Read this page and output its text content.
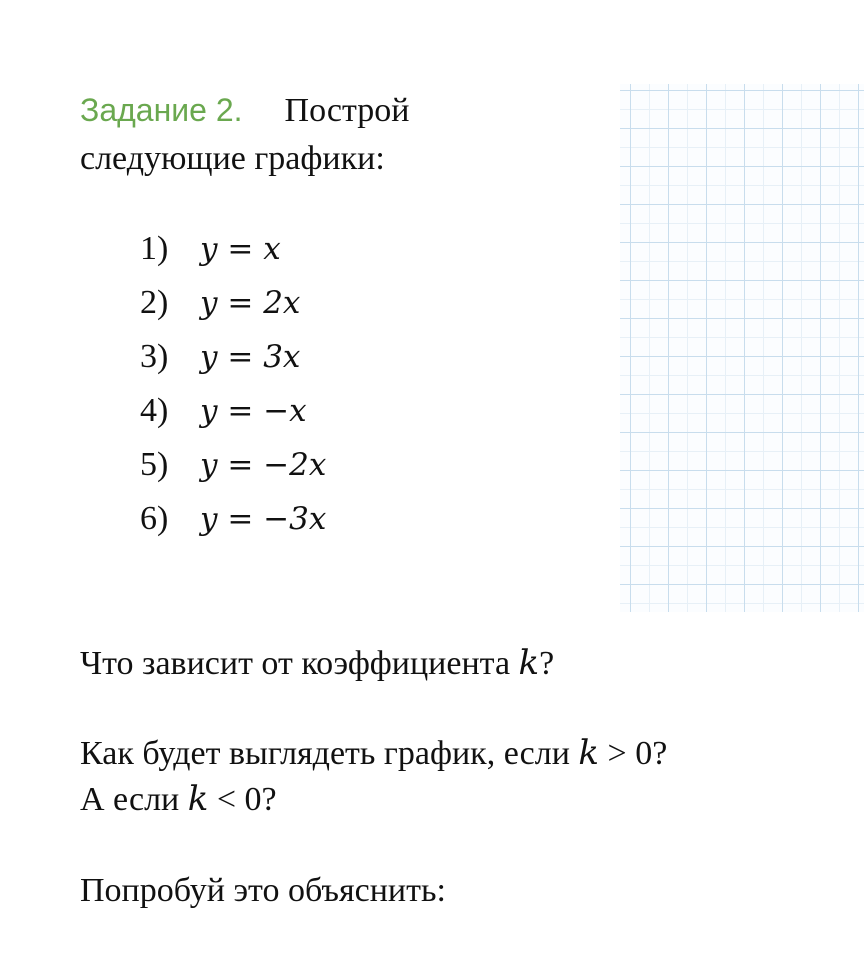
Задание 2. Построй
следующие графики:
1) y = x
2) y = 2x
3) y = 3x
4) y = −x
5) y = −2x
6) y = −3x

Что зависит от коэффициента k?

Как будет выглядеть график, если k > 0?

А если k < 0?

Попробуй это объяснить:
